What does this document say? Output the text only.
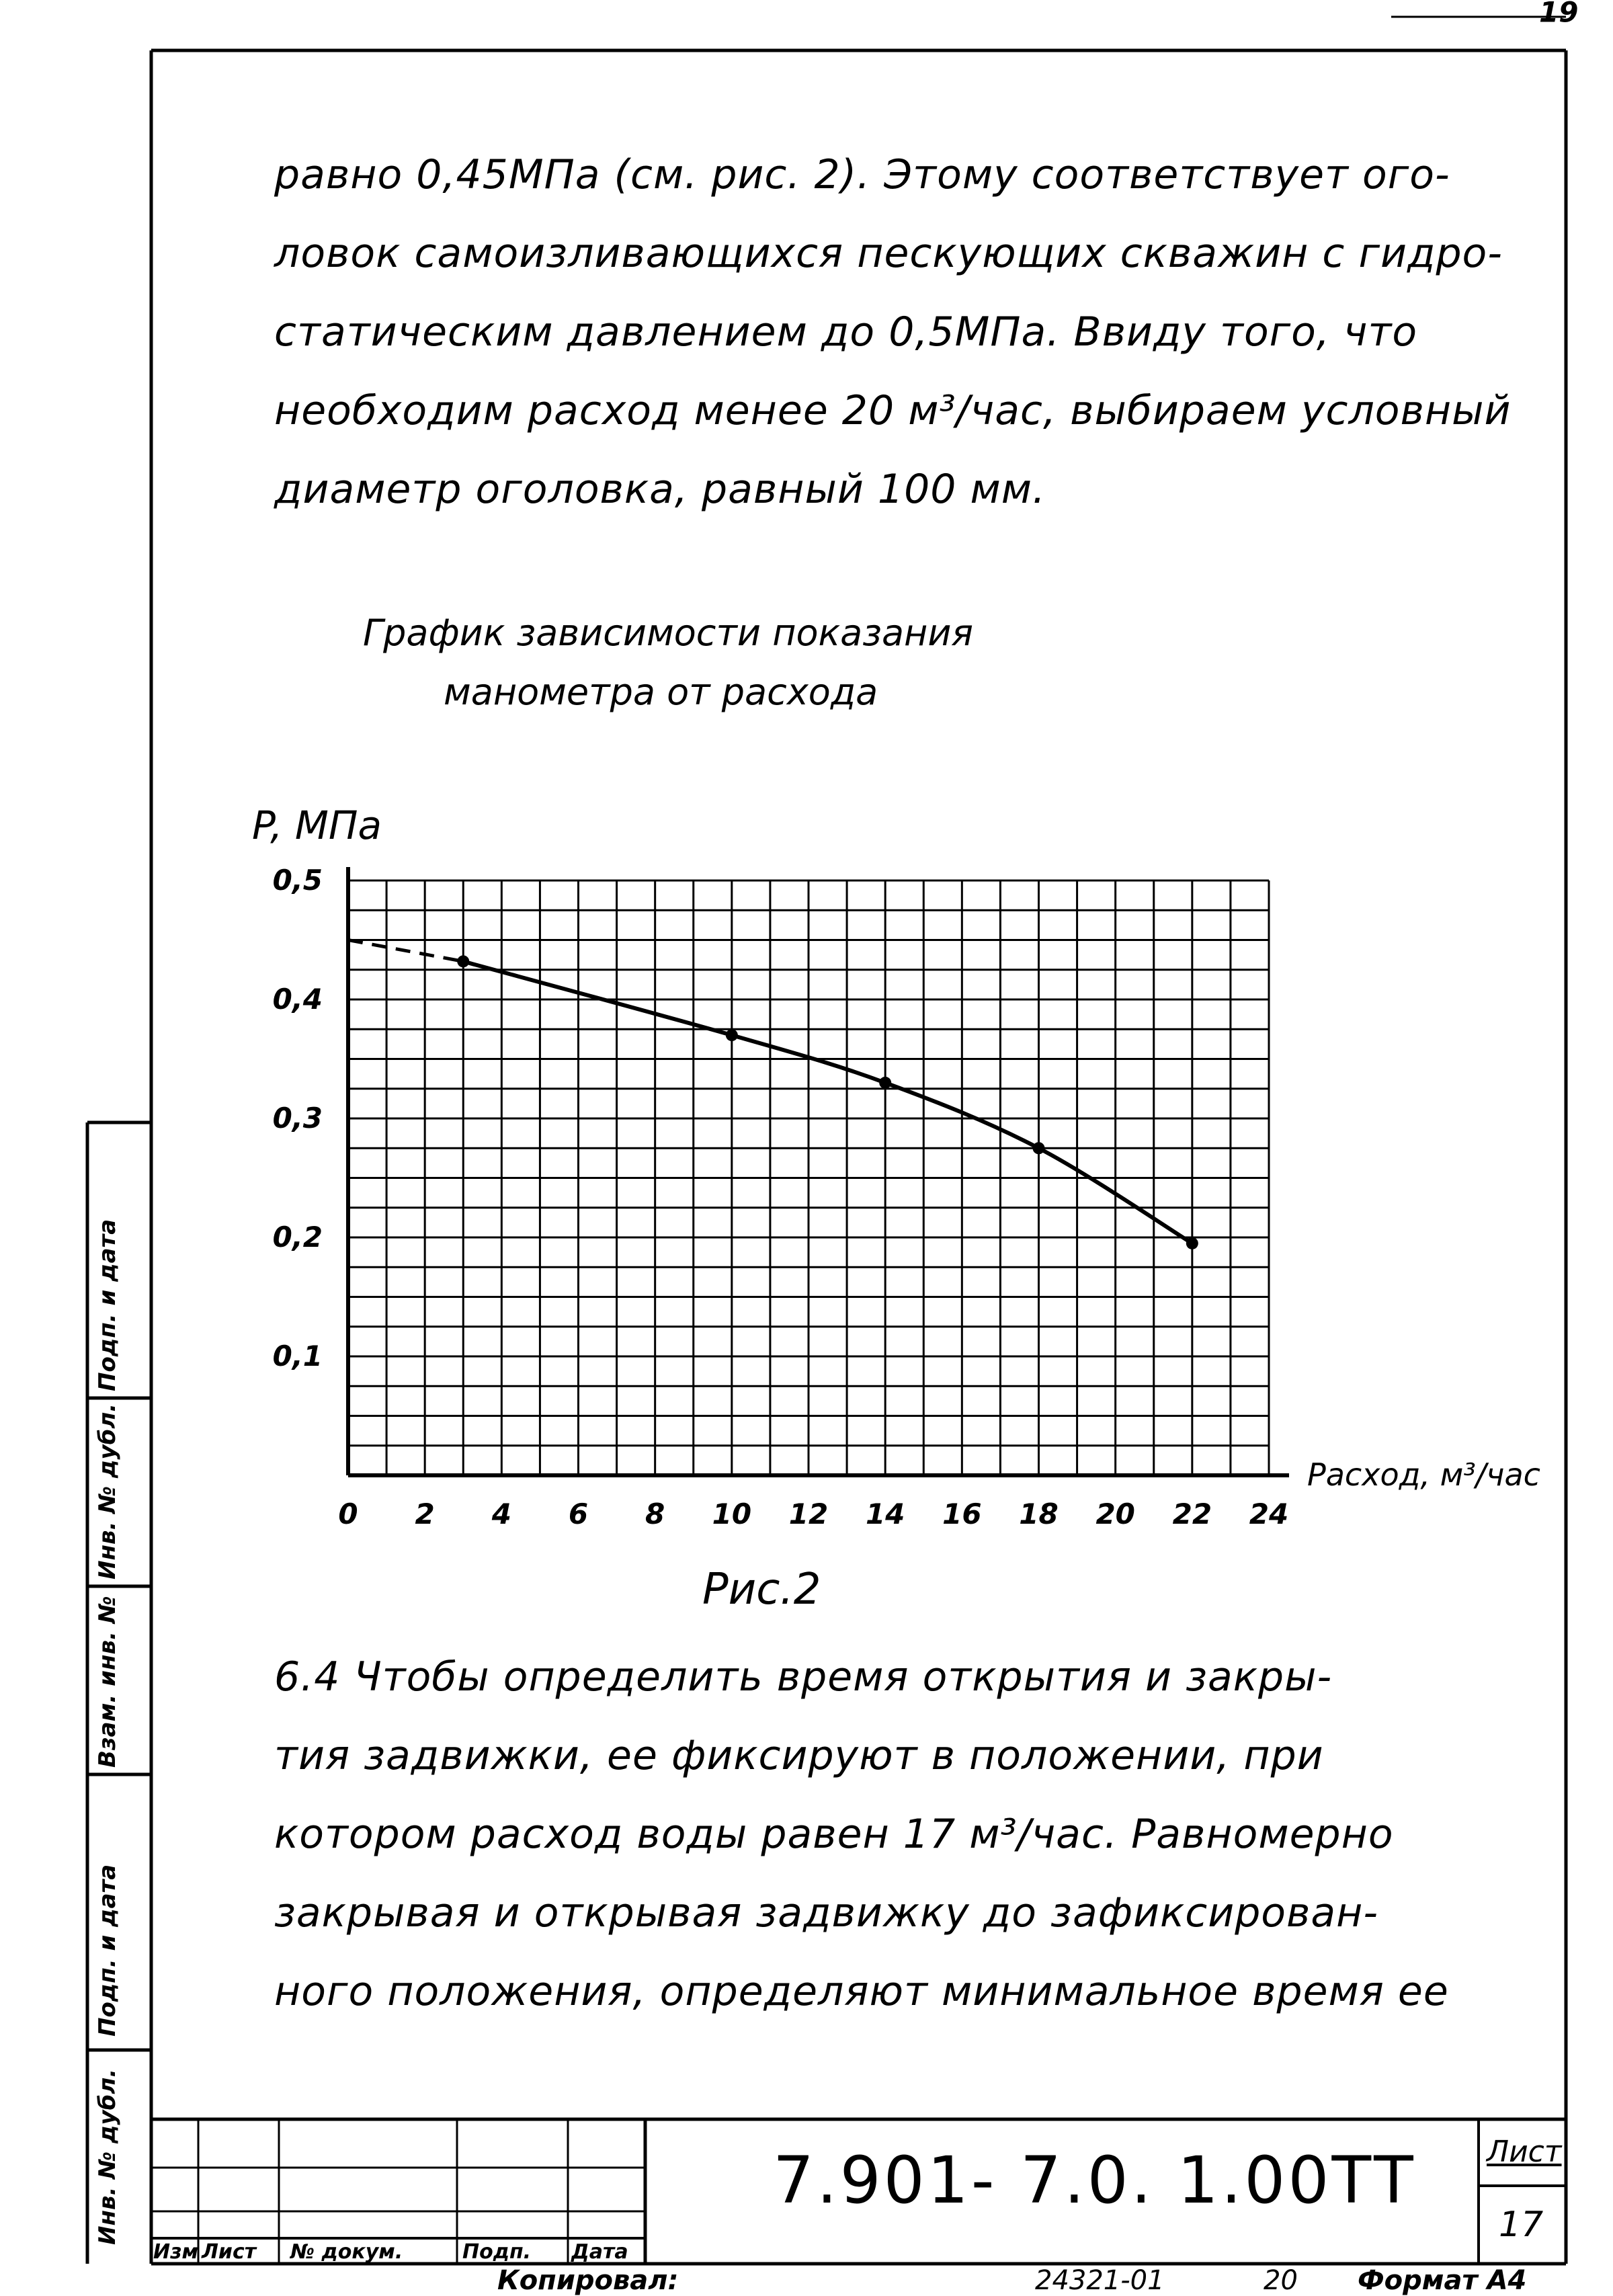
19
равно 0,45МПа (см. рис. 2). Этому соответствует ого-
ловок самоизливающихся пескующих скважин с гидро-
статическим давлением до 0,5МПа. Ввиду того, что
необходим расход менее 20 м³/час, выбираем условный
диаметр оголовка, равный 100 мм.
График зависимости показания
манометра от расхода
0 2 4 6 8 10 12 14 16 18 20 22 24
0,1
0,2
0,3
0,4
0,5
P, МПа
Расход, м³/час
Рис.2
6.4 Чтобы определить время открытия и закры-
тия задвижки, ее фиксируют в положении, при
котором расход воды равен 17 м³/час. Равномерно
закрывая и открывая задвижку до зафиксирован-
ного положения, определяют минимальное время ее
Инв. № дубл.
Подп. и дата
Взам. инв. №
Инв. № дубл.
Подп. и дата
Изм Лист № докум.	Подп. Дата
7.901- 7.0. 1.00ТТ Лист
17
Копировал:	24321-01	20 Формат А4
